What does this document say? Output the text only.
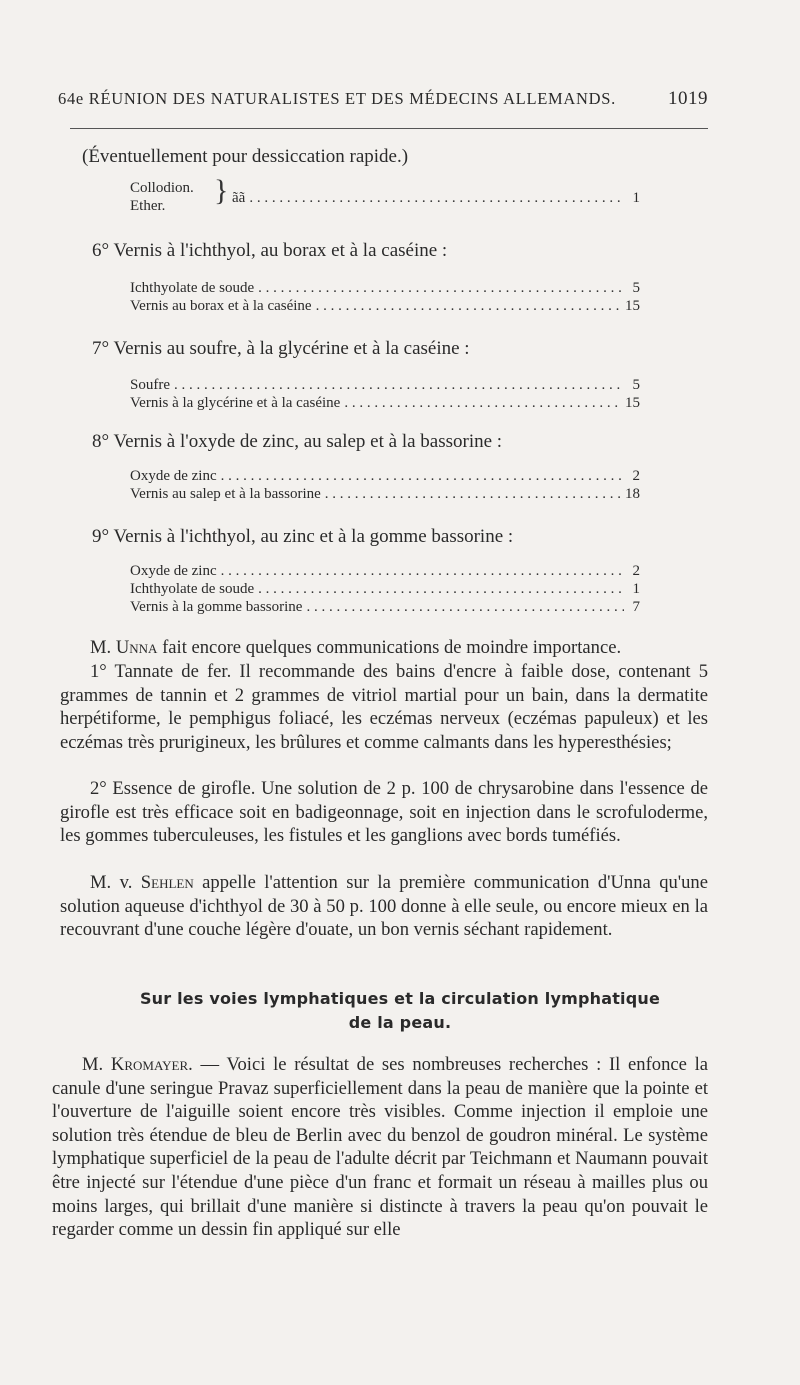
64e RÉUNION DES NATURALISTES ET DES MÉDECINS ALLEMANDS.	1019
(Éventuellement pour dessiccation rapide.)
Collodion.
Ether. } ãã . . .	1
6° Vernis à l'ichthyol, au borax et à la caséine :
Ichthyolate de soude . . .	5
Vernis au borax et à la caséine . . .	15
7° Vernis au soufre, à la glycérine et à la caséine :
Soufre . . .	5
Vernis à la glycérine et à la caséine . . .	15
8° Vernis à l'oxyde de zinc, au salep et à la bassorine :
Oxyde de zinc . . .	2
Vernis au salep et à la bassorine . . .	18
9° Vernis à l'ichthyol, au zinc et à la gomme bassorine :
Oxyde de zinc . . .	2
Ichthyolate de soude . . .	1
Vernis à la gomme bassorine . . .	7
M. Unna fait encore quelques communications de moindre importance.
1° Tannate de fer. Il recommande des bains d'encre à faible dose, contenant 5 grammes de tannin et 2 grammes de vitriol martial pour un bain, dans la dermatite herpétiforme, le pemphigus foliacé, les eczémas nerveux (eczémas papuleux) et les eczémas très prurigineux, les brûlures et comme calmants dans les hyperesthésies;
2° Essence de girofle. Une solution de 2 p. 100 de chrysarobine dans l'essence de girofle est très efficace soit en badigeonnage, soit en injection dans le scrofuloderme, les gommes tuberculeuses, les fistules et les ganglions avec bords tuméfiés.
M. v. Sehlen appelle l'attention sur la première communication d'Unna qu'une solution aqueuse d'ichthyol de 30 à 50 p. 100 donne à elle seule, ou encore mieux en la recouvrant d'une couche légère d'ouate, un bon vernis séchant rapidement.
Sur les voies lymphatiques et la circulation lymphatique
de la peau.
M. Kromayer. — Voici le résultat de ses nombreuses recherches : Il enfonce la canule d'une seringue Pravaz superficiellement dans la peau de manière que la pointe et l'ouverture de l'aiguille soient encore très visibles. Comme injection il emploie une solution très étendue de bleu de Berlin avec du benzol de goudron minéral. Le système lymphatique superficiel de la peau de l'adulte décrit par Teichmann et Naumann pouvait être injecté sur l'étendue d'une pièce d'un franc et formait un réseau à mailles plus ou moins larges, qui brillait d'une manière si distincte à travers la peau qu'on pouvait le regarder comme un dessin fin appliqué sur elle
